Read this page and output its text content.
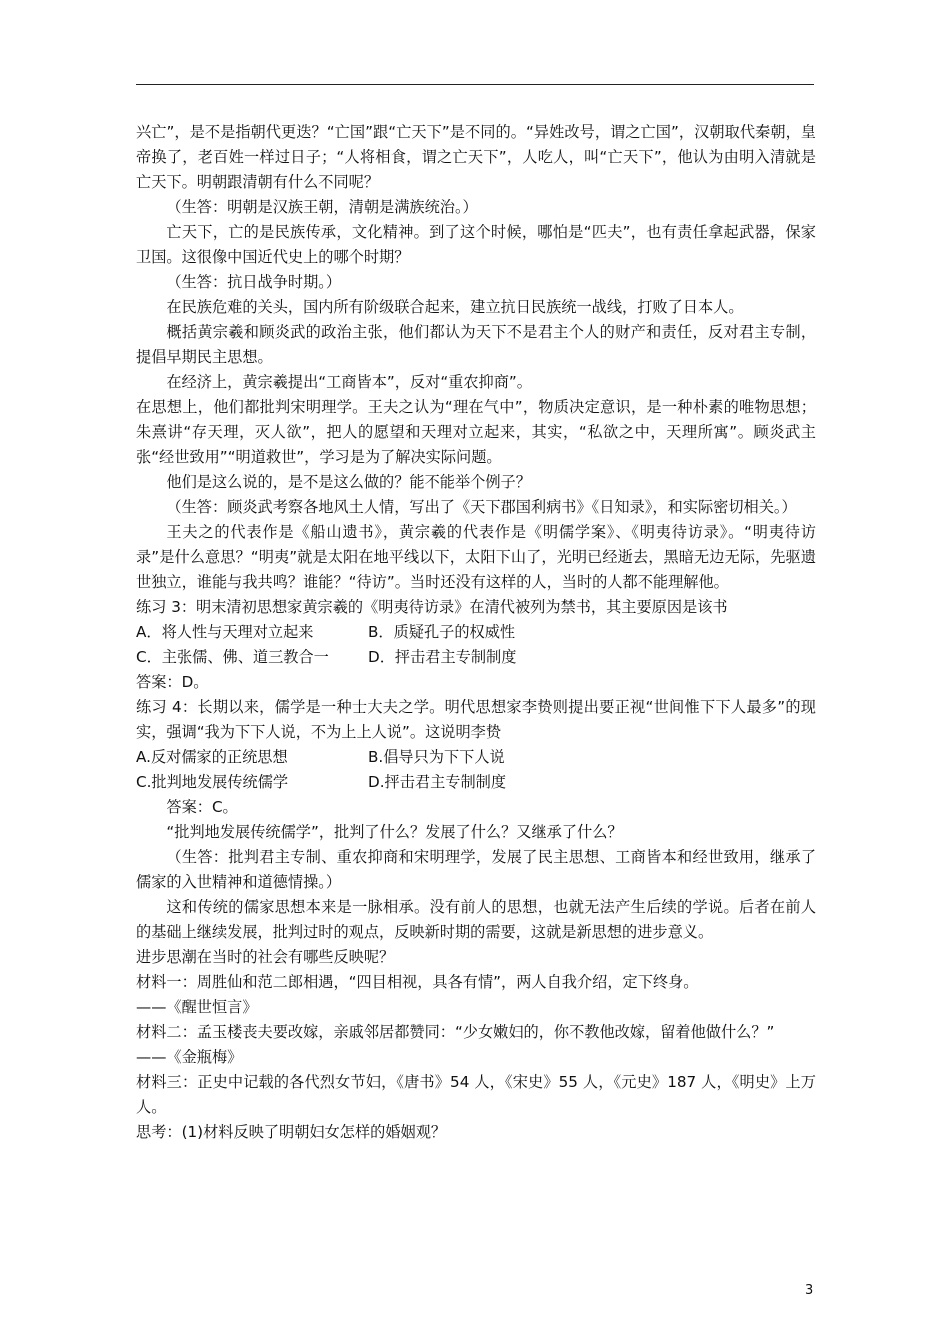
兴亡”，是不是指朝代更迭？“亡国”跟“亡天下”是不同的。“异姓改号，谓之亡国”，汉朝取代秦朝，皇帝换了，老百姓一样过日子；“人将相食，谓之亡天下”，人吃人，叫“亡天下”，他认为由明入清就是亡天下。明朝跟清朝有什么不同呢？

（生答：明朝是汉族王朝，清朝是满族统治。）

亡天下，亡的是民族传承，文化精神。到了这个时候，哪怕是“匹夫”，也有责任拿起武器，保家卫国。这很像中国近代史上的哪个时期？

（生答：抗日战争时期。）

在民族危难的关头，国内所有阶级联合起来，建立抗日民族统一战线，打败了日本人。

概括黄宗羲和顾炎武的政治主张，他们都认为天下不是君主个人的财产和责任，反对君主专制，提倡早期民主思想。

在经济上，黄宗羲提出“工商皆本”，反对“重农抑商”。

在思想上，他们都批判宋明理学。王夫之认为“理在气中”，物质决定意识，是一种朴素的唯物思想；朱熹讲“存天理，灭人欲”，把人的愿望和天理对立起来，其实，“私欲之中，天理所寓”。顾炎武主张“经世致用”“明道救世”，学习是为了解决实际问题。

他们是这么说的，是不是这么做的？能不能举个例子？

（生答：顾炎武考察各地风土人情，写出了《天下郡国利病书》《日知录》，和实际密切相关。）

王夫之的代表作是《船山遗书》，黄宗羲的代表作是《明儒学案》、《明夷待访录》。“明夷待访录”是什么意思？“明夷”就是太阳在地平线以下，太阳下山了，光明已经逝去，黑暗无边无际，先驱遗世独立，谁能与我共鸣？谁能？“待访”。当时还没有这样的人，当时的人都不能理解他。

练习 3：明末清初思想家黄宗羲的《明夷待访录》在清代被列为禁书，其主要原因是该书

A．将人性与天理对立起来	B．质疑孔子的权威性
C．主张儒、佛、道三教合一	D．抨击君主专制制度

答案：D。

练习 4：长期以来，儒学是一种士大夫之学。明代思想家李贽则提出要正视“世间惟下下人最多”的现实，强调“我为下下人说，不为上上人说”。这说明李贽

A.反对儒家的正统思想	B.倡导只为下下人说
C.批判地发展传统儒学	D.抨击君主专制制度

答案：C。

“批判地发展传统儒学”，批判了什么？发展了什么？又继承了什么？

（生答：批判君主专制、重农抑商和宋明理学，发展了民主思想、工商皆本和经世致用，继承了儒家的入世精神和道德情操。）

这和传统的儒家思想本来是一脉相承。没有前人的思想，也就无法产生后续的学说。后者在前人的基础上继续发展，批判过时的观点，反映新时期的需要，这就是新思想的进步意义。

进步思潮在当时的社会有哪些反映呢？

材料一：周胜仙和范二郎相遇，“四目相视，具各有情”，两人自我介绍，定下终身。

——《醒世恒言》

材料二：孟玉楼丧夫要改嫁，亲戚邻居都赞同：“少女嫩妇的，你不教他改嫁，留着他做什么？”

——《金瓶梅》

材料三：正史中记载的各代烈女节妇，《唐书》54 人，《宋史》55 人，《元史》187 人，《明史》上万人。

思考：(1)材料反映了明朝妇女怎样的婚姻观？

3
